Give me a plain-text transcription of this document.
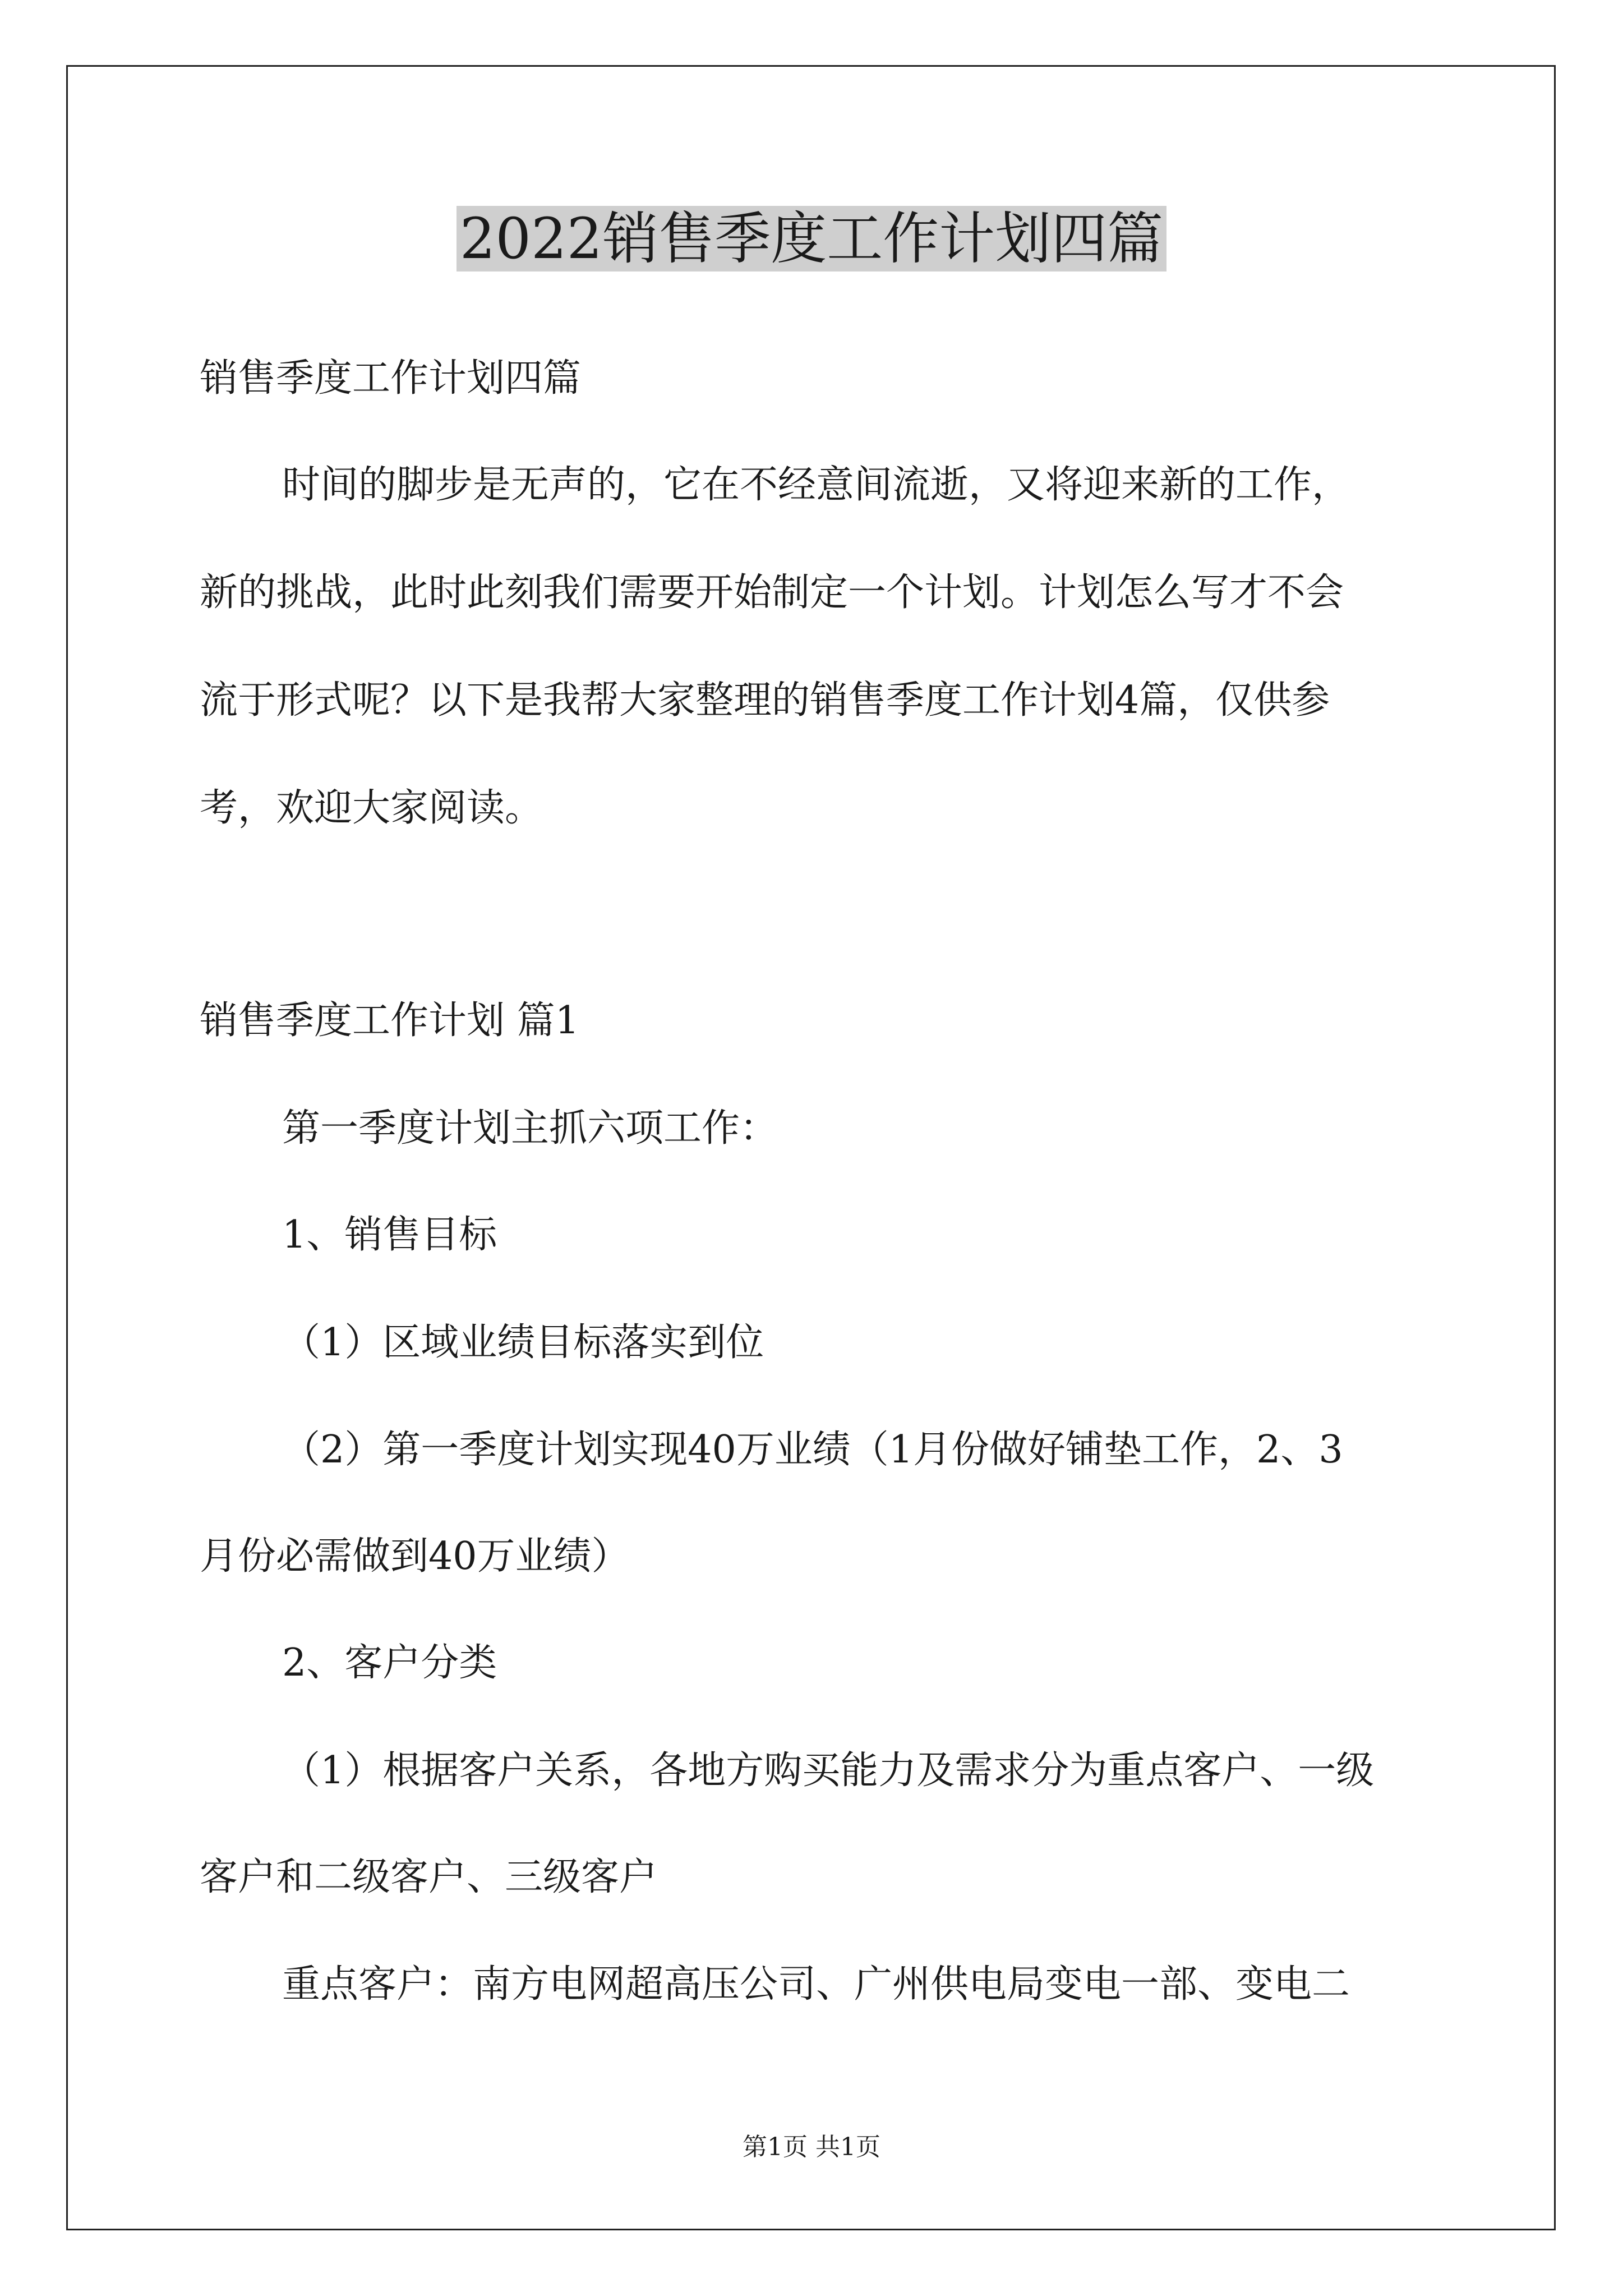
2022销售季度工作计划四篇
销售季度工作计划四篇
时间的脚步是无声的，它在不经意间流逝，又将迎来新的工作，
新的挑战，此时此刻我们需要开始制定一个计划。计划怎么写才不会
流于形式呢？以下是我帮大家整理的销售季度工作计划4篇，仅供参
考，欢迎大家阅读。
销售季度工作计划 篇1
第一季度计划主抓六项工作：
1、销售目标
（1）区域业绩目标落实到位
（2）第一季度计划实现40万业绩（1月份做好铺垫工作，2、3
月份必需做到40万业绩）
2、客户分类
（1）根据客户关系，各地方购买能力及需求分为重点客户、一级
客户和二级客户、三级客户
重点客户：南方电网超高压公司、广州供电局变电一部、变电二
第1页 共1页
